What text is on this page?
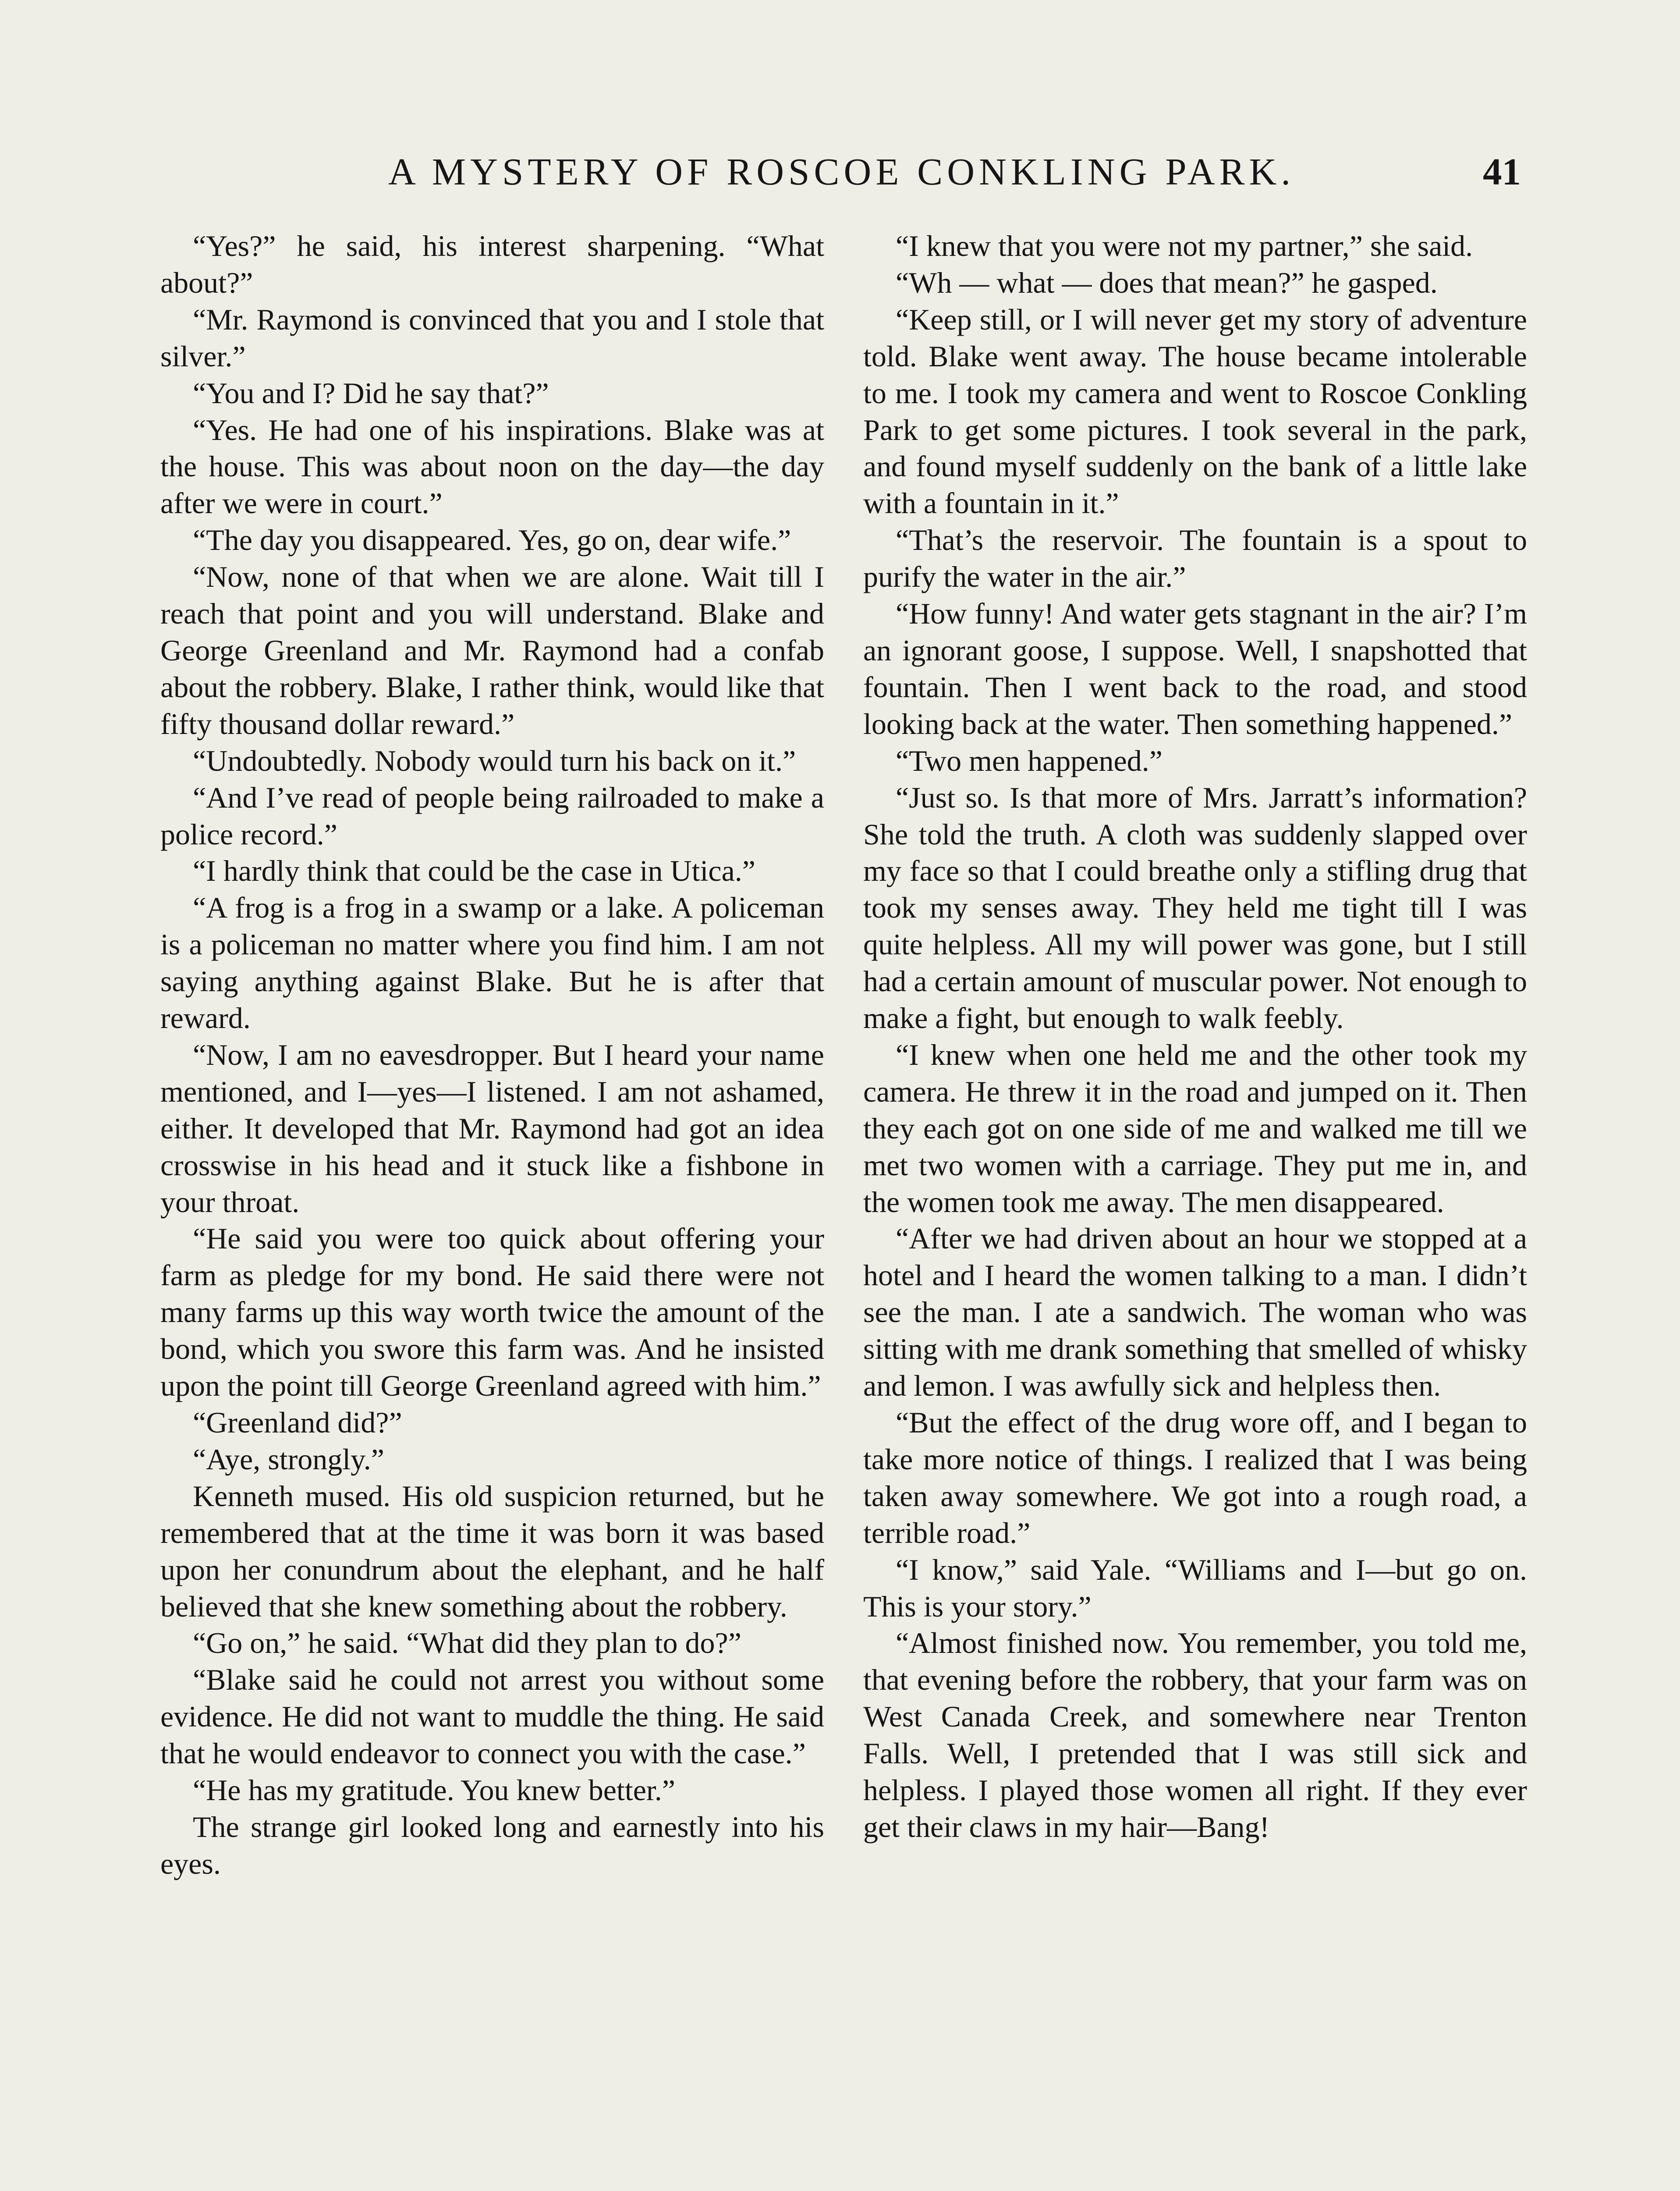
A MYSTERY OF ROSCOE CONKLING PARK.	41

“Yes?” he said, his interest sharpening. “What about?”

“Mr. Raymond is convinced that you and I stole that silver.”

“You and I? Did he say that?”

“Yes. He had one of his inspirations. Blake was at the house. This was about noon on the day—the day after we were in court.”

“The day you disappeared. Yes, go on, dear wife.”

“Now, none of that when we are alone. Wait till I reach that point and you will understand. Blake and George Greenland and Mr. Raymond had a confab about the robbery. Blake, I rather think, would like that fifty thousand dollar reward.”

“Undoubtedly. Nobody would turn his back on it.”

“And I’ve read of people being railroaded to make a police record.”

“I hardly think that could be the case in Utica.”

“A frog is a frog in a swamp or a lake. A policeman is a policeman no matter where you find him. I am not saying anything against Blake. But he is after that reward.

“Now, I am no eavesdropper. But I heard your name mentioned, and I—yes—I listened. I am not ashamed, either. It developed that Mr. Raymond had got an idea crosswise in his head and it stuck like a fishbone in your throat.

“He said you were too quick about offering your farm as pledge for my bond. He said there were not many farms up this way worth twice the amount of the bond, which you swore this farm was. And he insisted upon the point till George Greenland agreed with him.”

“Greenland did?”

“Aye, strongly.”

Kenneth mused. His old suspicion returned, but he remembered that at the time it was born it was based upon her conundrum about the elephant, and he half believed that she knew something about the robbery.

“Go on,” he said. “What did they plan to do?”

“Blake said he could not arrest you without some evidence. He did not want to muddle the thing. He said that he would endeavor to connect you with the case.”

“He has my gratitude. You knew better.”

The strange girl looked long and earnestly into his eyes.

“I knew that you were not my partner,” she said.

“Wh — what — does that mean?” he gasped.

“Keep still, or I will never get my story of adventure told. Blake went away. The house became intolerable to me. I took my camera and went to Roscoe Conkling Park to get some pictures. I took several in the park, and found myself suddenly on the bank of a little lake with a fountain in it.”

“That’s the reservoir. The fountain is a spout to purify the water in the air.”

“How funny! And water gets stagnant in the air? I’m an ignorant goose, I suppose. Well, I snapshotted that fountain. Then I went back to the road, and stood looking back at the water. Then something happened.”

“Two men happened.”

“Just so. Is that more of Mrs. Jarratt’s information? She told the truth. A cloth was suddenly slapped over my face so that I could breathe only a stifling drug that took my senses away. They held me tight till I was quite helpless. All my will power was gone, but I still had a certain amount of muscular power. Not enough to make a fight, but enough to walk feebly.

“I knew when one held me and the other took my camera. He threw it in the road and jumped on it. Then they each got on one side of me and walked me till we met two women with a carriage. They put me in, and the women took me away. The men disappeared.

“After we had driven about an hour we stopped at a hotel and I heard the women talking to a man. I didn’t see the man. I ate a sandwich. The woman who was sitting with me drank something that smelled of whisky and lemon. I was awfully sick and helpless then.

“But the effect of the drug wore off, and I began to take more notice of things. I realized that I was being taken away somewhere. We got into a rough road, a terrible road.”

“I know,” said Yale. “Williams and I—but go on. This is your story.”

“Almost finished now. You remember, you told me, that evening before the robbery, that your farm was on West Canada Creek, and somewhere near Trenton Falls. Well, I pretended that I was still sick and helpless. I played those women all right. If they ever get their claws in my hair—Bang!
